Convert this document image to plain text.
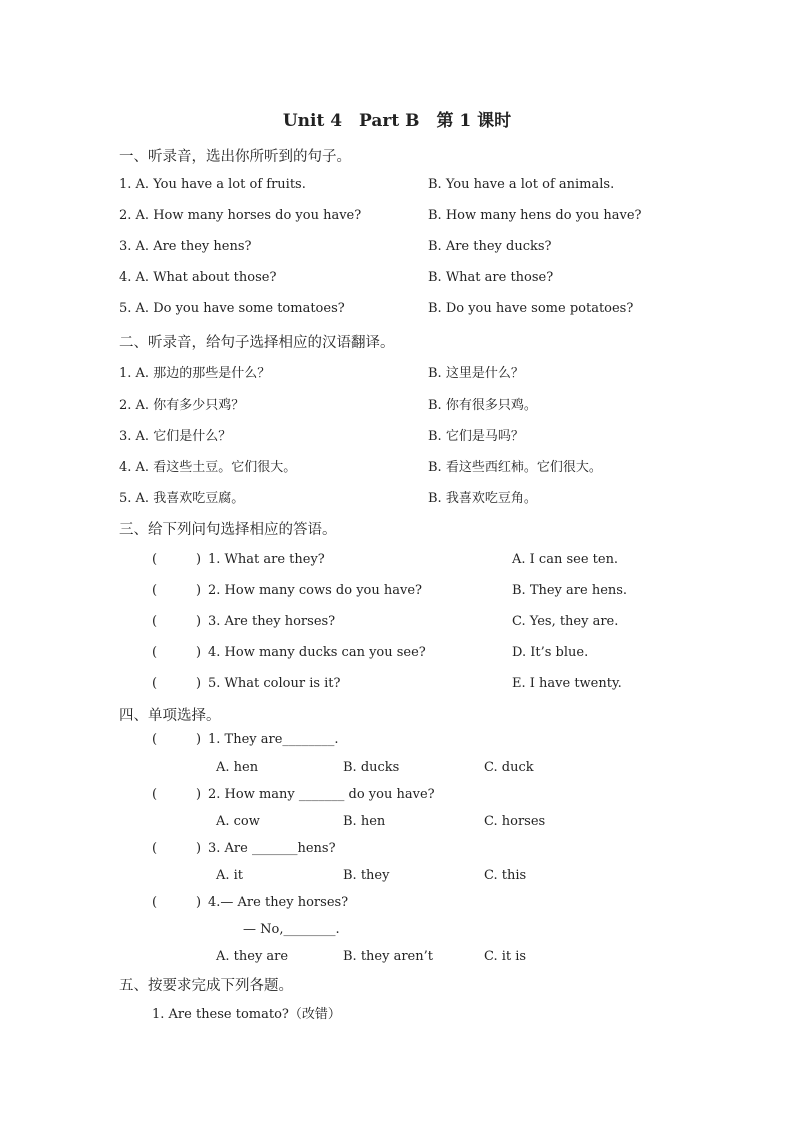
Unit 4　Part B　第 1 课时
一、听录音，选出你所听到的句子。
1. A. You have a lot of fruits.	B. You have a lot of animals.
2. A. How many horses do you have?	B. How many hens do you have?
3. A. Are they hens?	B. Are they ducks?
4. A. What about those?	B. What are those?
5. A. Do you have some tomatoes?	B. Do you have some potatoes?
二、听录音，给句子选择相应的汉语翻译。
1. A. 那边的那些是什么？	B. 这里是什么？
2. A. 你有多少只鸡？	B. 你有很多只鸡。
3. A. 它们是什么？	B. 它们是马吗？
4. A. 看这些土豆。它们很大。	B. 看这些西红柿。它们很大。
5. A. 我喜欢吃豆腐。	B. 我喜欢吃豆角。
三、给下列问句选择相应的答语。
(	) 1. What are they?	A. I can see ten.
(	) 2. How many cows do you have?	B. They are hens.
(	) 3. Are they horses?	C. Yes, they are.
(	) 4. How many ducks can you see?	D. It’s blue.
(	) 5. What colour is it?	E. I have twenty.
四、单项选择。
(	) 1. They are________.
A. hen	B. ducks	C. duck
(	) 2. How many _______ do you have?
A. cow	B. hen	C. horses
(	) 3. Are _______hens?
A. it	B. they	C. this
(	) 4.— Are they horses?
— No,________.
A. they are	B. they aren’t	C. it is
五、按要求完成下列各题。
1. Are these tomato?（改错）
